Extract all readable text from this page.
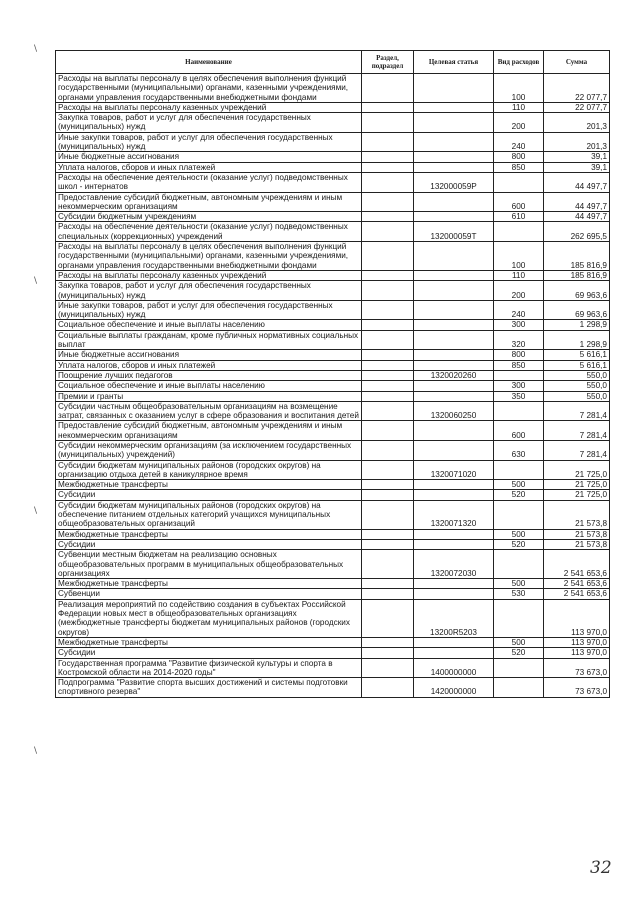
\
\
\
\
Наименование	Раздел, подраздел	Целевая статья	Вид расходов	Сумма
Расходы на выплаты персоналу в целях обеспечения выполнения функций государственными (муниципальными) органами, казенными учреждениями, органами управления государственными внебюджетными фондами			100	22 077,7
Расходы на выплаты персоналу казенных учреждений			110	22 077,7
Закупка товаров, работ и услуг для обеспечения государственных (муниципальных) нужд			200	201,3
Иные закупки товаров, работ и услуг для обеспечения государственных (муниципальных) нужд			240	201,3
Иные бюджетные ассигнования			800	39,1
Уплата налогов, сборов и иных платежей			850	39,1
Расходы на обеспечение деятельности (оказание услуг) подведомственных школ - интернатов		132000059Р		44 497,7
Предоставление субсидий бюджетным, автономным учреждениям и иным некоммерческим организациям			600	44 497,7
Субсидии бюджетным учреждениям			610	44 497,7
Расходы на обеспечение деятельности (оказание услуг) подведомственных специальных (коррекционных) учреждений		132000059Т		262 695,5
Расходы на выплаты персоналу в целях обеспечения выполнения функций государственными (муниципальными) органами, казенными учреждениями, органами управления государственными внебюджетными фондами			100	185 816,9
Расходы на выплаты персоналу казенных учреждений			110	185 816,9
Закупка товаров, работ и услуг для обеспечения государственных (муниципальных) нужд			200	69 963,6
Иные закупки товаров, работ и услуг для обеспечения государственных (муниципальных) нужд			240	69 963,6
Социальное обеспечение и иные выплаты населению			300	1 298,9
Социальные выплаты гражданам, кроме публичных нормативных социальных выплат			320	1 298,9
Иные бюджетные ассигнования			800	5 616,1
Уплата налогов, сборов и иных платежей			850	5 616,1
Поощрение лучших педагогов		1320020260		550,0
Социальное обеспечение и иные выплаты населению			300	550,0
Премии и гранты			350	550,0
Субсидии частным общеобразовательным организациям на возмещение затрат, связанных с оказанием услуг в сфере образования и воспитания детей		1320060250		7 281,4
Предоставление субсидий бюджетным, автономным учреждениям и иным некоммерческим организациям			600	7 281,4
Субсидии некоммерческим организациям (за исключением государственных (муниципальных) учреждений)			630	7 281,4
Субсидии бюджетам муниципальных районов (городских округов) на организацию отдыха детей в каникулярное время		1320071020		21 725,0
Межбюджетные трансферты			500	21 725,0
Субсидии			520	21 725,0
Субсидии бюджетам муниципальных районов (городских округов) на обеспечение питанием отдельных категорий учащихся муниципальных общеобразовательных организаций		1320071320		21 573,8
Межбюджетные трансферты			500	21 573,8
Субсидии			520	21 573,8
Субвенции местным бюджетам на реализацию основных общеобразовательных программ в муниципальных общеобразовательных организациях		1320072030		2 541 653,6
Межбюджетные трансферты			500	2 541 653,6
Субвенции			530	2 541 653,6
Реализация мероприятий по содействию создания в субъектах Российской Федерации новых мест в общеобразовательных организациях (межбюджетные трансферты бюджетам муниципальных районов (городских округов)		13200R5203		113 970,0
Межбюджетные трансферты			500	113 970,0
Субсидии			520	113 970,0
Государственная программа "Развитие физической культуры и спорта в Костромской области на 2014-2020 годы"		1400000000		73 673,0
Подпрограмма "Развитие спорта высших достижений и системы подготовки спортивного резерва"		1420000000		73 673,0
32
